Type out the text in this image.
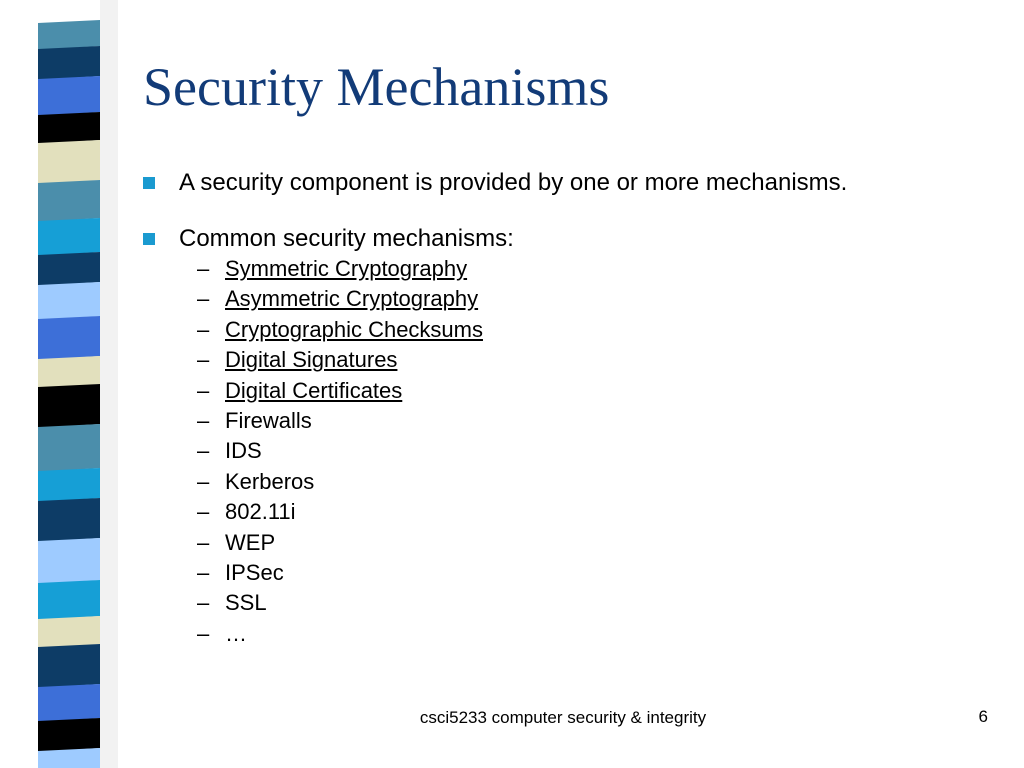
Security Mechanisms
A security component is provided by one or more mechanisms.
Common security mechanisms:
– Symmetric Cryptography
– Asymmetric Cryptography
– Cryptographic Checksums
– Digital Signatures
– Digital Certificates
– Firewalls
– IDS
– Kerberos
– 802.11i
– WEP
– IPSec
– SSL
– …
csci5233 computer security & integrity	6
